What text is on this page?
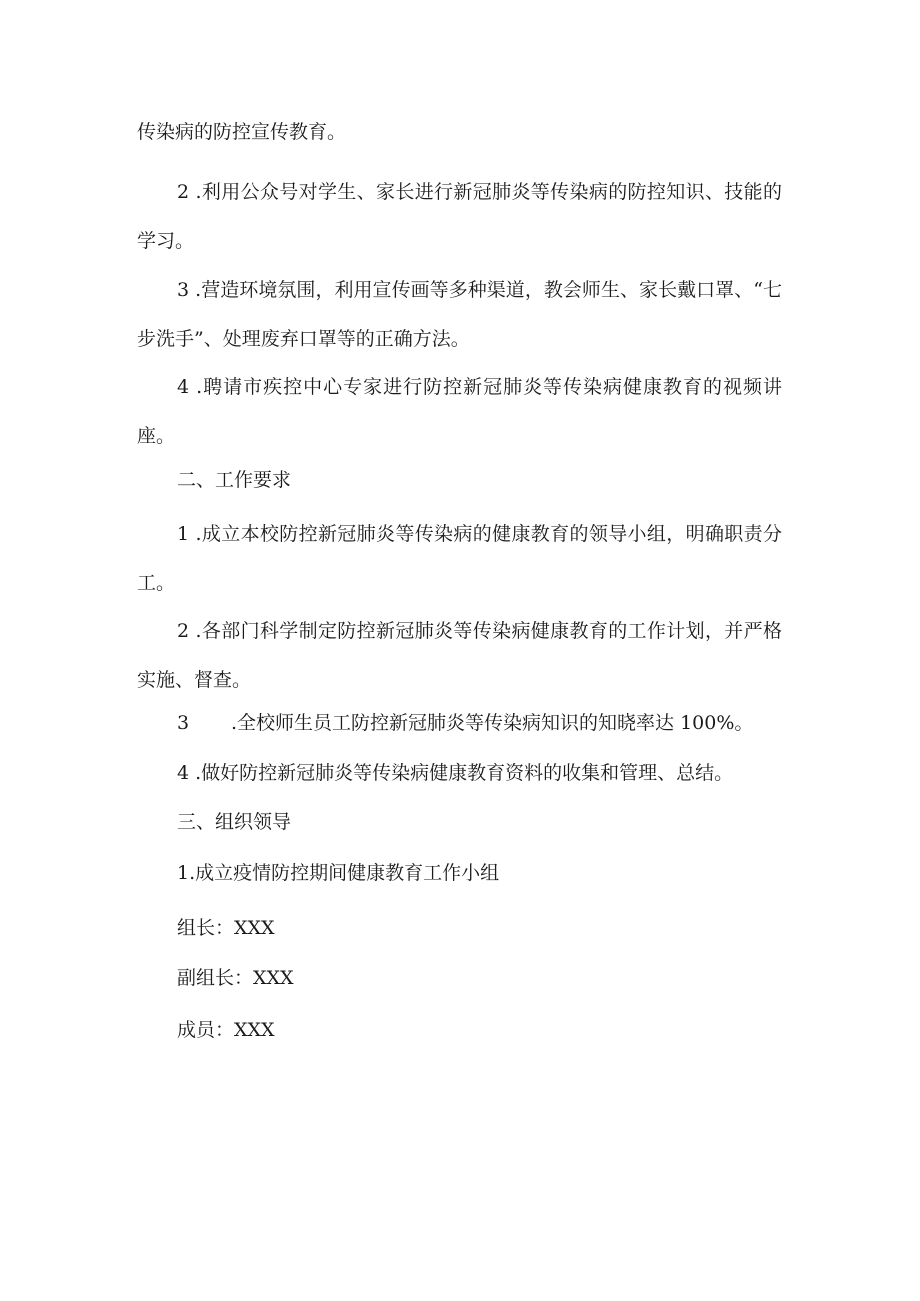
传染病的防控宣传教育。

2 .利用公众号对学生、家长进行新冠肺炎等传染病的防控知识、技能的学习。

3 .营造环境氛围，利用宣传画等多种渠道，教会师生、家长戴口罩、“七步洗手”、处理废弃口罩等的正确方法。

4 .聘请市疾控中心专家进行防控新冠肺炎等传染病健康教育的视频讲座。

二、工作要求

1 .成立本校防控新冠肺炎等传染病的健康教育的领导小组，明确职责分工。

2 .各部门科学制定防控新冠肺炎等传染病健康教育的工作计划，并严格实施、督查。

3 .全校师生员工防控新冠肺炎等传染病知识的知晓率达 100%。

4 .做好防控新冠肺炎等传染病健康教育资料的收集和管理、总结。

三、组织领导

1.成立疫情防控期间健康教育工作小组

组长：XXX

副组长：XXX

成员：XXX
